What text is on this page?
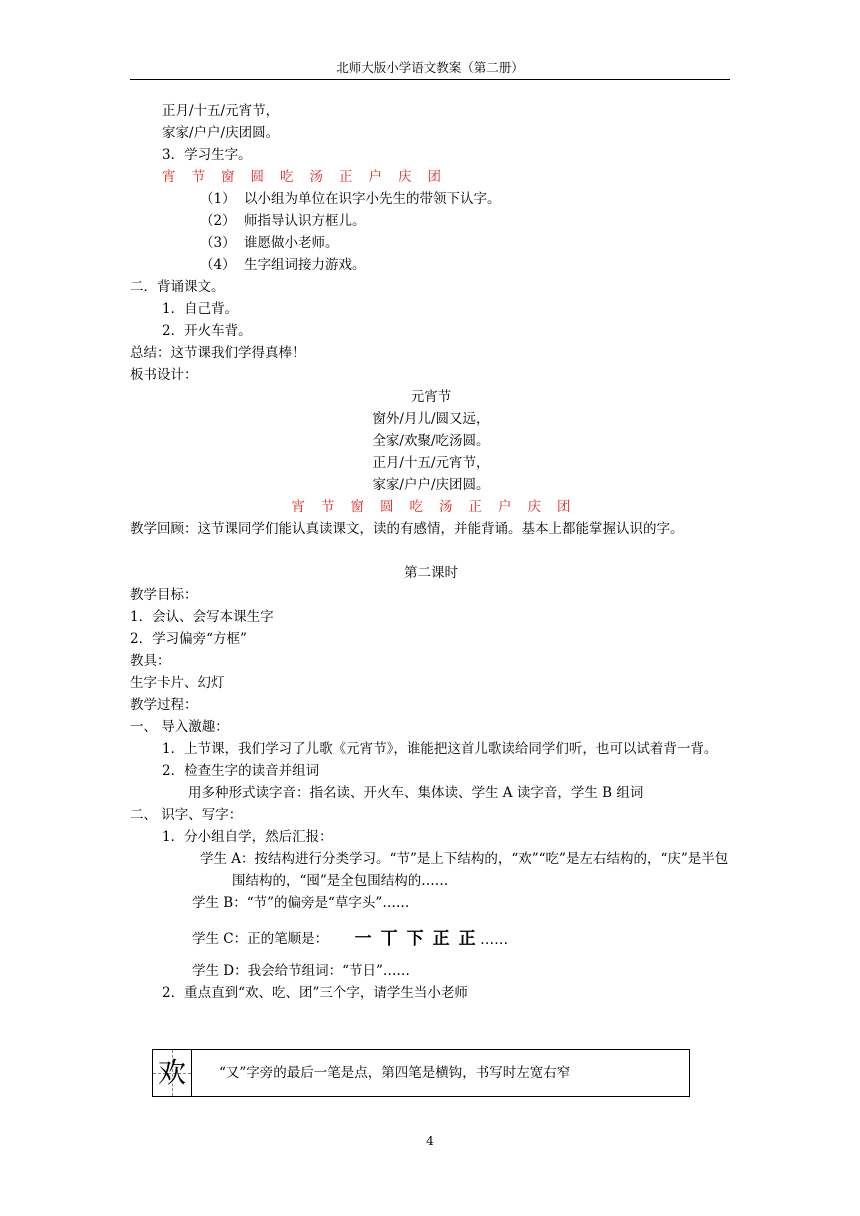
北师大版小学语文教案（第二册）
正月/十五/元宵节，
家家/户户/庆团圆。
3．学习生字。
宵 节 窗 圆 吃 汤 正 户 庆 团
（1） 以小组为单位在识字小先生的带领下认字。
（2） 师指导认识方框儿。
（3） 谁愿做小老师。
（4） 生字组词接力游戏。
二．背诵课文。
1．自己背。
2．开火车背。
总结：这节课我们学得真棒！
板书设计：
元宵节
窗外/月儿/圆又远，
全家/欢聚/吃汤圆。
正月/十五/元宵节，
家家/户户/庆团圆。
宵 节 窗 圆 吃 汤 正 户 庆 团
教学回顾：这节课同学们能认真读课文，读的有感情，并能背诵。基本上都能掌握认识的字。
第二课时
教学目标：
1．会认、会写本课生字
2．学习偏旁“方框”
教具：
生字卡片、幻灯
教学过程：
一、 导入激趣：
1．上节课，我们学习了儿歌《元宵节》，谁能把这首儿歌读给同学们听，也可以试着背一背。
2．检查生字的读音并组词
用多种形式读字音：指名读、开火车、集体读、学生 A 读字音，学生 B 组词
二、 识字、写字：
1．分小组自学，然后汇报：
学生 A：按结构进行分类学习。“节”是上下结构的，“欢”“吃”是左右结构的，“庆”是半包围结构的，“囤”是全包围结构的……
学生 B：“节”的偏旁是“草字头”……
学生 C：正的笔顺是： 一 丅 下 正 正 ……
学生 D：我会给节组词：“节日”……
2．重点直到“欢、吃、团”三个字，请学生当小老师
欢	“又”字旁的最后一笔是点，第四笔是横钩，书写时左宽右窄
4
